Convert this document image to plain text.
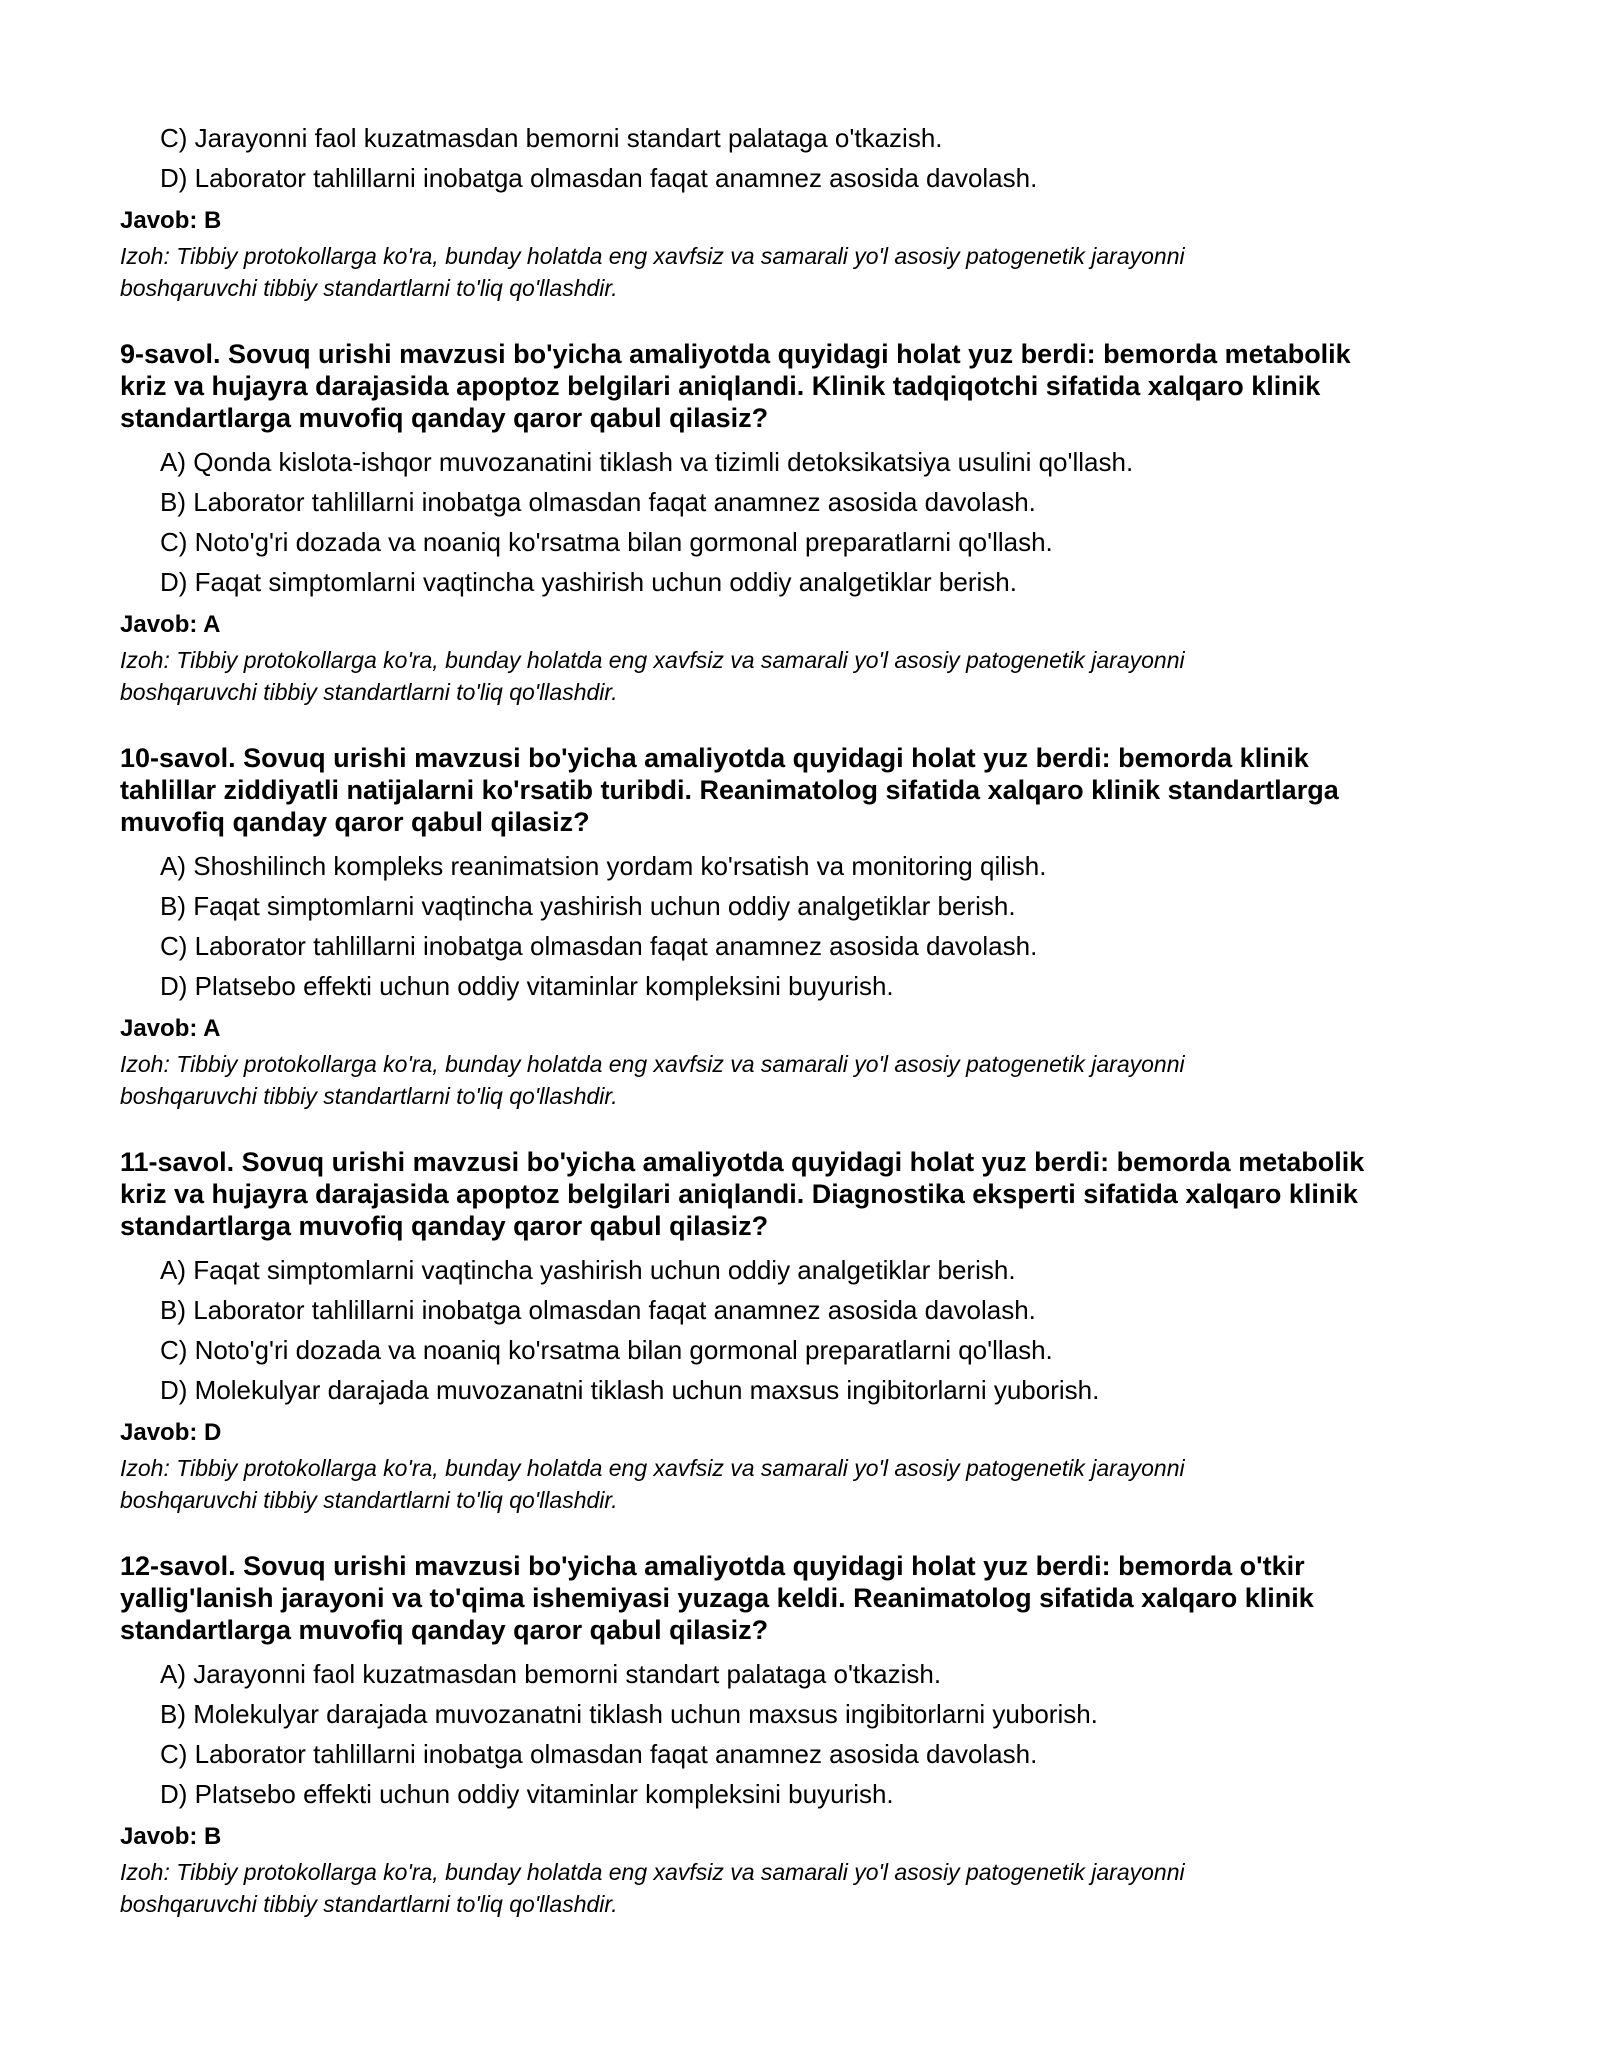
C) Jarayonni faol kuzatmasdan bemorni standart palataga o'tkazish.
D) Laborator tahlillarni inobatga olmasdan faqat anamnez asosida davolash.
Javob: B
Izoh: Tibbiy protokollarga ko'ra, bunday holatda eng xavfsiz va samarali yo'l asosiy patogenetik jarayonni
boshqaruvchi tibbiy standartlarni to'liq qo'llashdir.
9-savol. Sovuq urishi mavzusi bo'yicha amaliyotda quyidagi holat yuz berdi: bemorda metabolik
kriz va hujayra darajasida apoptoz belgilari aniqlandi. Klinik tadqiqotchi sifatida xalqaro klinik
standartlarga muvofiq qanday qaror qabul qilasiz?
A) Qonda kislota-ishqor muvozanatini tiklash va tizimli detoksikatsiya usulini qo'llash.
B) Laborator tahlillarni inobatga olmasdan faqat anamnez asosida davolash.
C) Noto'g'ri dozada va noaniq ko'rsatma bilan gormonal preparatlarni qo'llash.
D) Faqat simptomlarni vaqtincha yashirish uchun oddiy analgetiklar berish.
Javob: A
Izoh: Tibbiy protokollarga ko'ra, bunday holatda eng xavfsiz va samarali yo'l asosiy patogenetik jarayonni
boshqaruvchi tibbiy standartlarni to'liq qo'llashdir.
10-savol. Sovuq urishi mavzusi bo'yicha amaliyotda quyidagi holat yuz berdi: bemorda klinik
tahlillar ziddiyatli natijalarni ko'rsatib turibdi. Reanimatolog sifatida xalqaro klinik standartlarga
muvofiq qanday qaror qabul qilasiz?
A) Shoshilinch kompleks reanimatsion yordam ko'rsatish va monitoring qilish.
B) Faqat simptomlarni vaqtincha yashirish uchun oddiy analgetiklar berish.
C) Laborator tahlillarni inobatga olmasdan faqat anamnez asosida davolash.
D) Platsebo effekti uchun oddiy vitaminlar kompleksini buyurish.
Javob: A
Izoh: Tibbiy protokollarga ko'ra, bunday holatda eng xavfsiz va samarali yo'l asosiy patogenetik jarayonni
boshqaruvchi tibbiy standartlarni to'liq qo'llashdir.
11-savol. Sovuq urishi mavzusi bo'yicha amaliyotda quyidagi holat yuz berdi: bemorda metabolik
kriz va hujayra darajasida apoptoz belgilari aniqlandi. Diagnostika eksperti sifatida xalqaro klinik
standartlarga muvofiq qanday qaror qabul qilasiz?
A) Faqat simptomlarni vaqtincha yashirish uchun oddiy analgetiklar berish.
B) Laborator tahlillarni inobatga olmasdan faqat anamnez asosida davolash.
C) Noto'g'ri dozada va noaniq ko'rsatma bilan gormonal preparatlarni qo'llash.
D) Molekulyar darajada muvozanatni tiklash uchun maxsus ingibitorlarni yuborish.
Javob: D
Izoh: Tibbiy protokollarga ko'ra, bunday holatda eng xavfsiz va samarali yo'l asosiy patogenetik jarayonni
boshqaruvchi tibbiy standartlarni to'liq qo'llashdir.
12-savol. Sovuq urishi mavzusi bo'yicha amaliyotda quyidagi holat yuz berdi: bemorda o'tkir
yallig'lanish jarayoni va to'qima ishemiyasi yuzaga keldi. Reanimatolog sifatida xalqaro klinik
standartlarga muvofiq qanday qaror qabul qilasiz?
A) Jarayonni faol kuzatmasdan bemorni standart palataga o'tkazish.
B) Molekulyar darajada muvozanatni tiklash uchun maxsus ingibitorlarni yuborish.
C) Laborator tahlillarni inobatga olmasdan faqat anamnez asosida davolash.
D) Platsebo effekti uchun oddiy vitaminlar kompleksini buyurish.
Javob: B
Izoh: Tibbiy protokollarga ko'ra, bunday holatda eng xavfsiz va samarali yo'l asosiy patogenetik jarayonni
boshqaruvchi tibbiy standartlarni to'liq qo'llashdir.
